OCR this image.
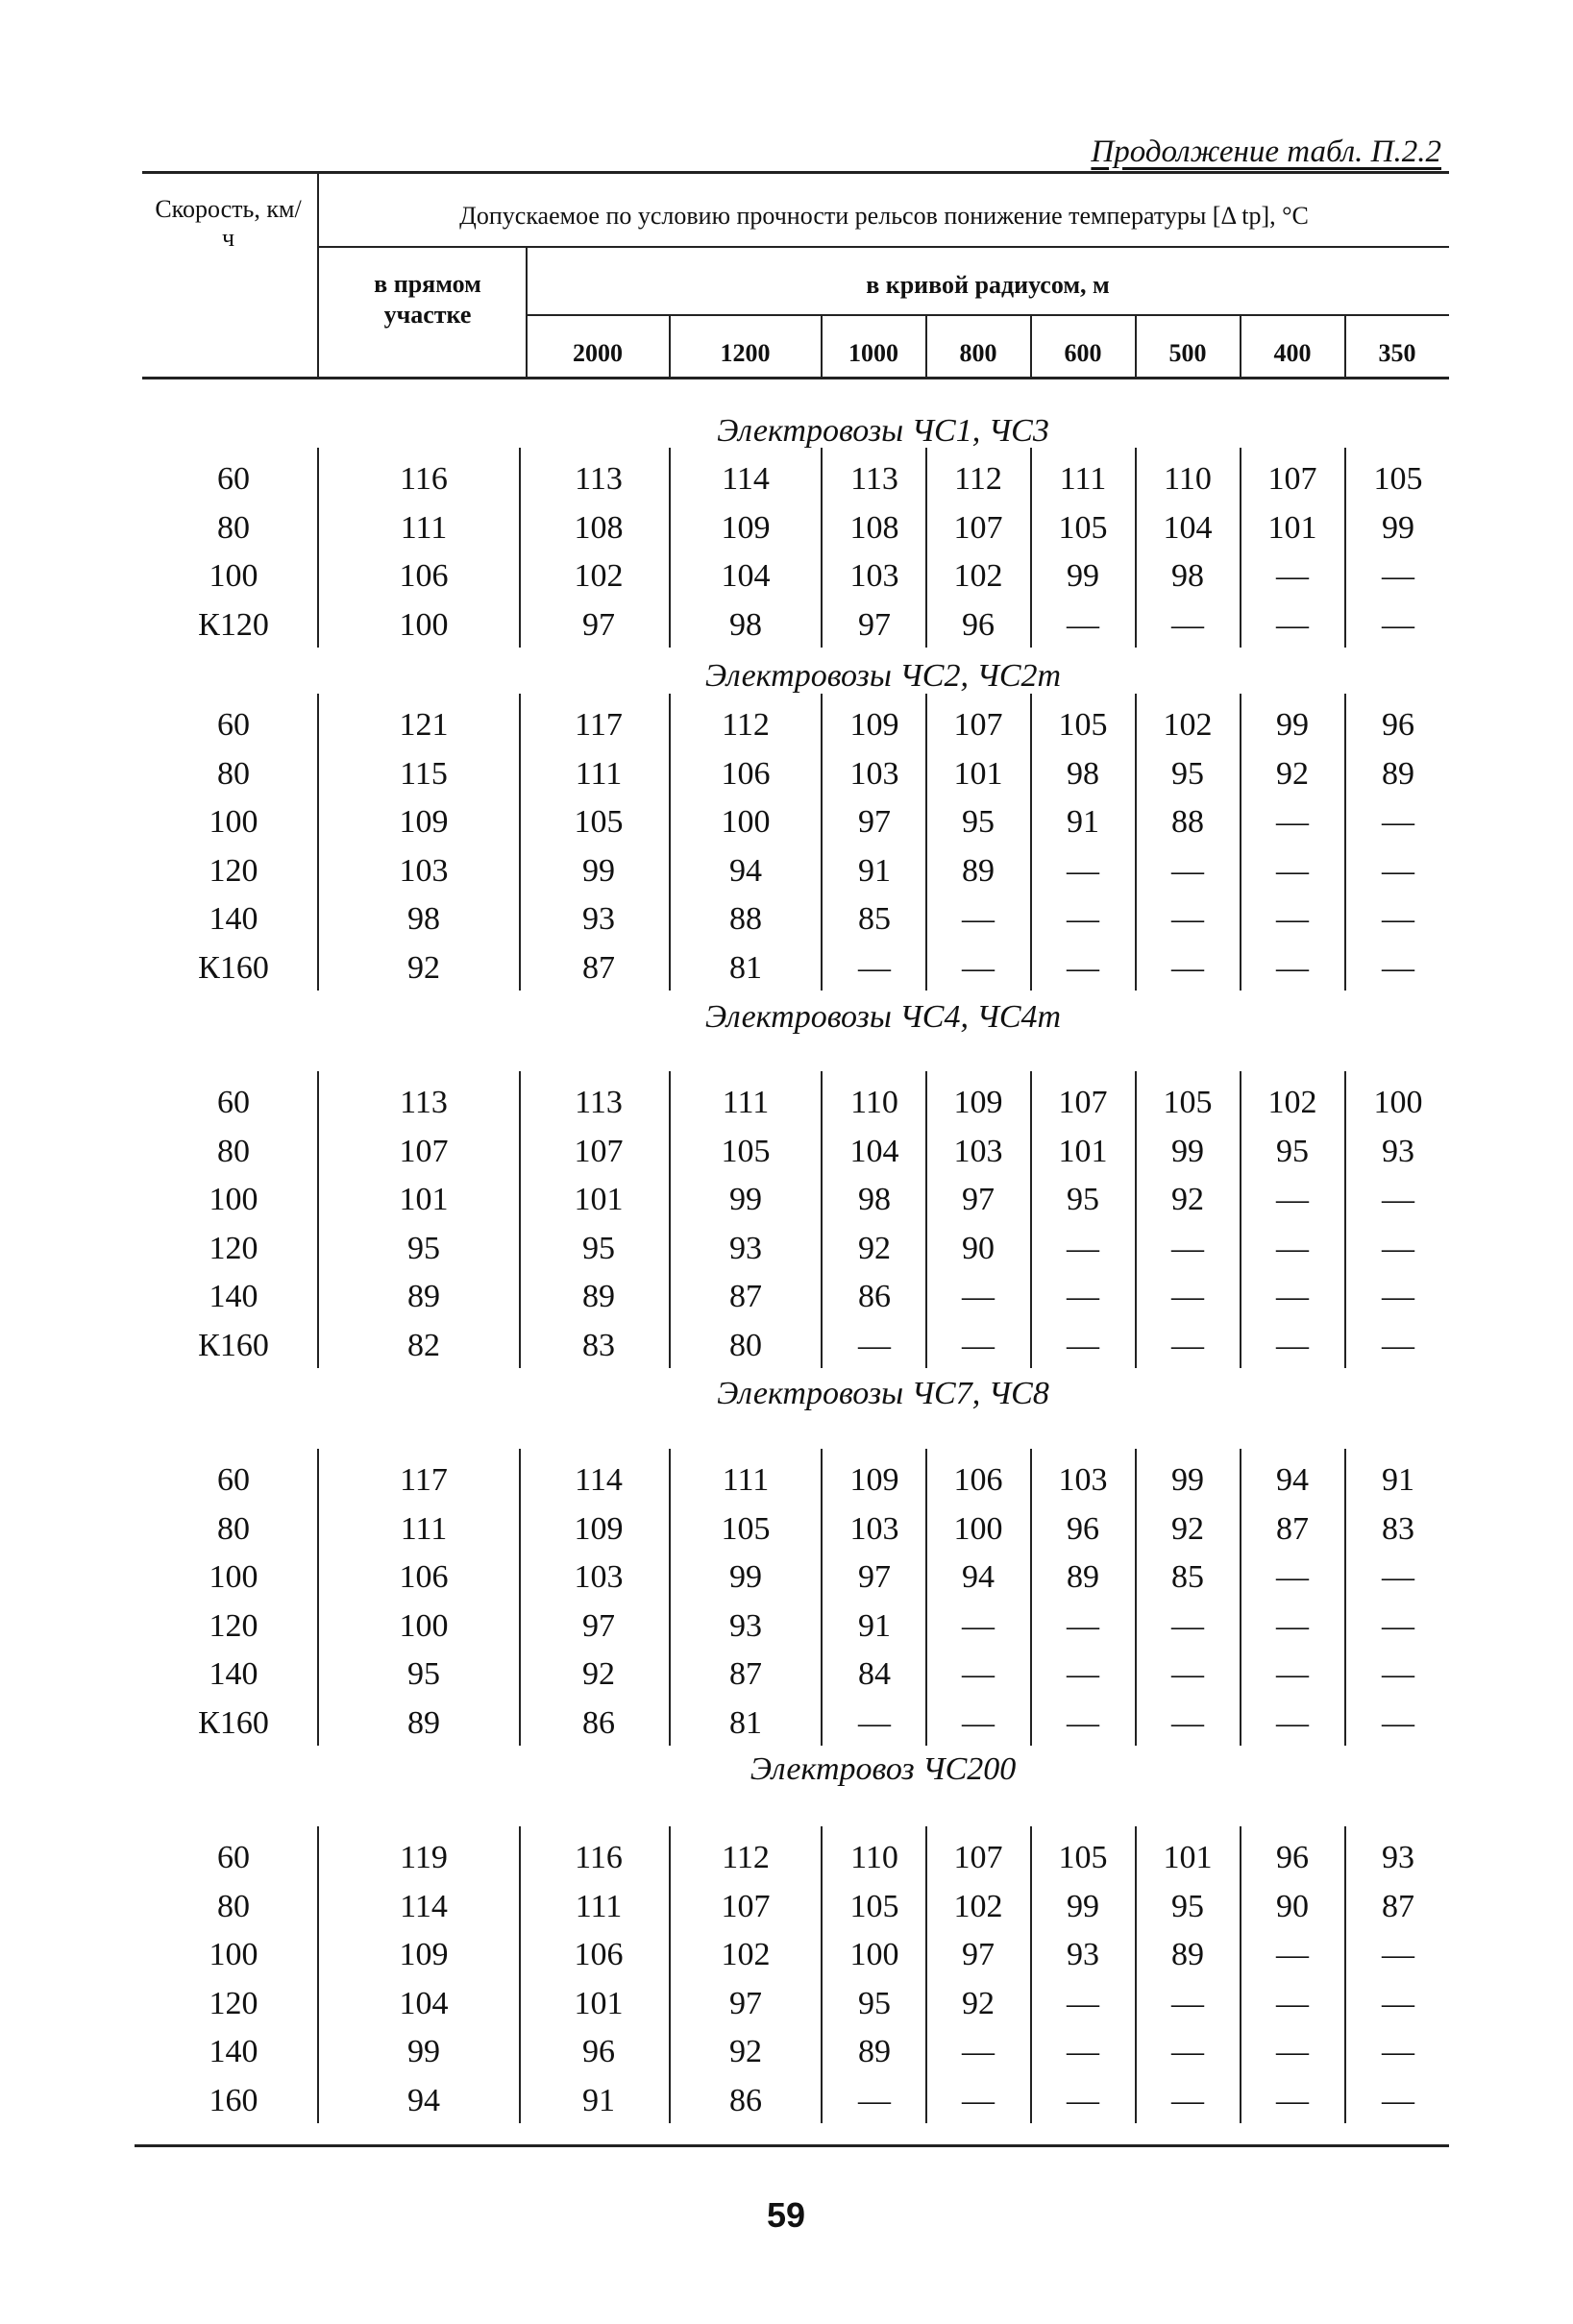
Продолжение табл. П.2.2
Скорость, км/ч
Допускаемое по условию прочности рельсов понижение температуры [Δ tр], °C
в прямом участке
в кривой радиусом, м
2000	1200	1000	800	600	500	400	350
Электровозы ЧС1, ЧС3
60	116	113	114	113	112	111	110	107	105
80	111	108	109	108	107	105	104	101	99
100	106	102	104	103	102	99	98	—	—
К120	100	97	98	97	96	—	—	—	—
Электровозы ЧС2, ЧС2т
60	121	117	112	109	107	105	102	99	96
80	115	111	106	103	101	98	95	92	89
100	109	105	100	97	95	91	88	—	—
120	103	99	94	91	89	—	—	—	—
140	98	93	88	85	—	—	—	—	—
К160	92	87	81	—	—	—	—	—	—
Электровозы ЧС4, ЧС4т
60	113	113	111	110	109	107	105	102	100
80	107	107	105	104	103	101	99	95	93
100	101	101	99	98	97	95	92	—	—
120	95	95	93	92	90	—	—	—	—
140	89	89	87	86	—	—	—	—	—
К160	82	83	80	—	—	—	—	—	—
Электровозы ЧС7, ЧС8
60	117	114	111	109	106	103	99	94	91
80	111	109	105	103	100	96	92	87	83
100	106	103	99	97	94	89	85	—	—
120	100	97	93	91	—	—	—	—	—
140	95	92	87	84	—	—	—	—	—
К160	89	86	81	—	—	—	—	—	—
Электровоз ЧС200
60	119	116	112	110	107	105	101	96	93
80	114	111	107	105	102	99	95	90	87
100	109	106	102	100	97	93	89	—	—
120	104	101	97	95	92	—	—	—	—
140	99	96	92	89	—	—	—	—	—
160	94	91	86	—	—	—	—	—	—
59
